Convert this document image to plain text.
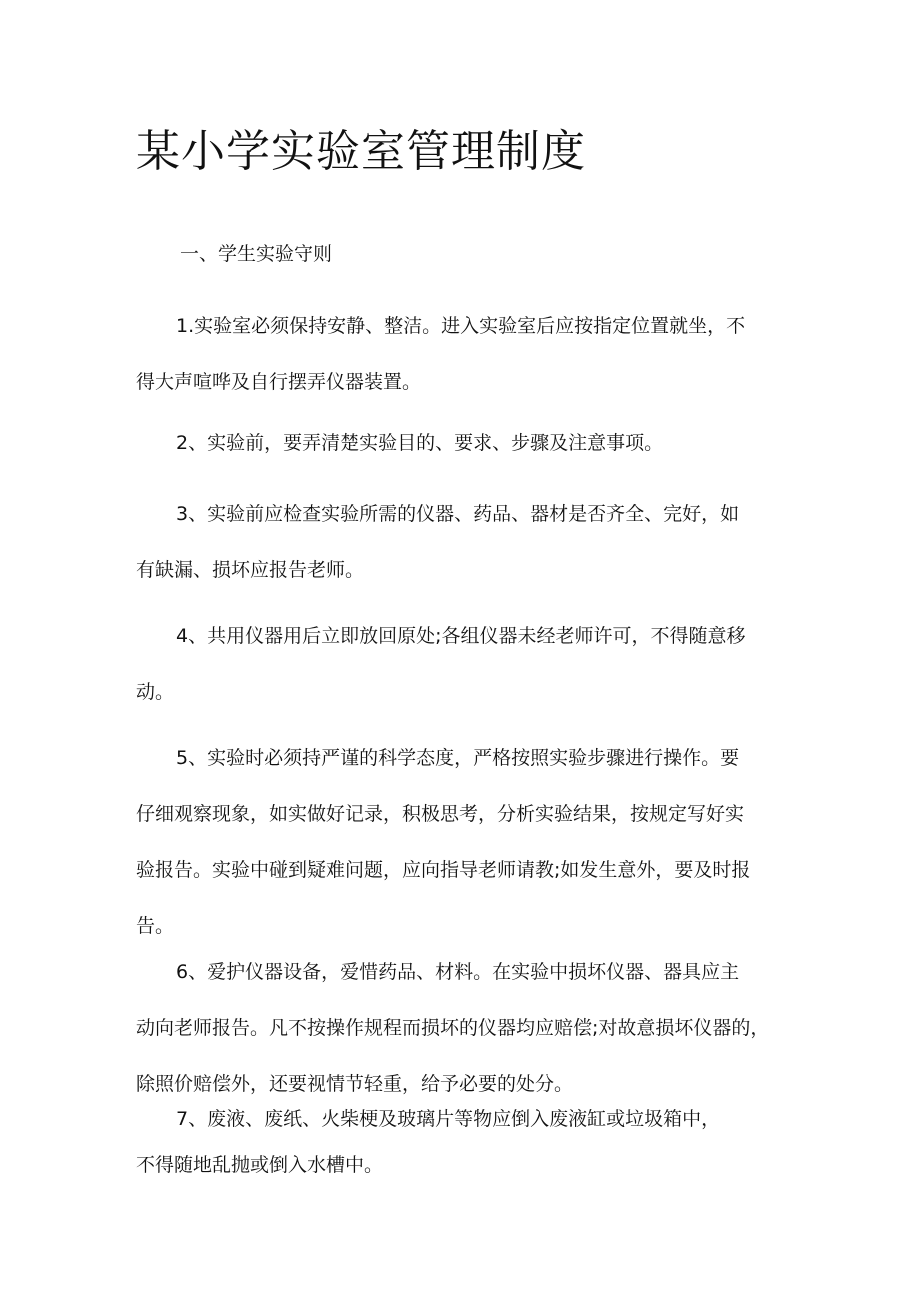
某小学实验室管理制度
一、学生实验守则

1.实验室必须保持安静、整洁。进入实验室后应按指定位置就坐，不
得大声喧哗及自行摆弄仪器装置。

2、实验前，要弄清楚实验目的、要求、步骤及注意事项。

3、实验前应检查实验所需的仪器、药品、器材是否齐全、完好，如
有缺漏、损坏应报告老师。

4、共用仪器用后立即放回原处;各组仪器未经老师许可，不得随意移
动。

5、实验时必须持严谨的科学态度，严格按照实验步骤进行操作。要
仔细观察现象，如实做好记录，积极思考，分析实验结果，按规定写好实
验报告。实验中碰到疑难问题，应向指导老师请教;如发生意外，要及时报
告。

6、爱护仪器设备，爱惜药品、材料。在实验中损坏仪器、器具应主
动向老师报告。凡不按操作规程而损坏的仪器均应赔偿;对故意损坏仪器的，
除照价赔偿外，还要视情节轻重，给予必要的处分。

7、废液、废纸、火柴梗及玻璃片等物应倒入废液缸或垃圾箱中，
不得随地乱抛或倒入水槽中。
